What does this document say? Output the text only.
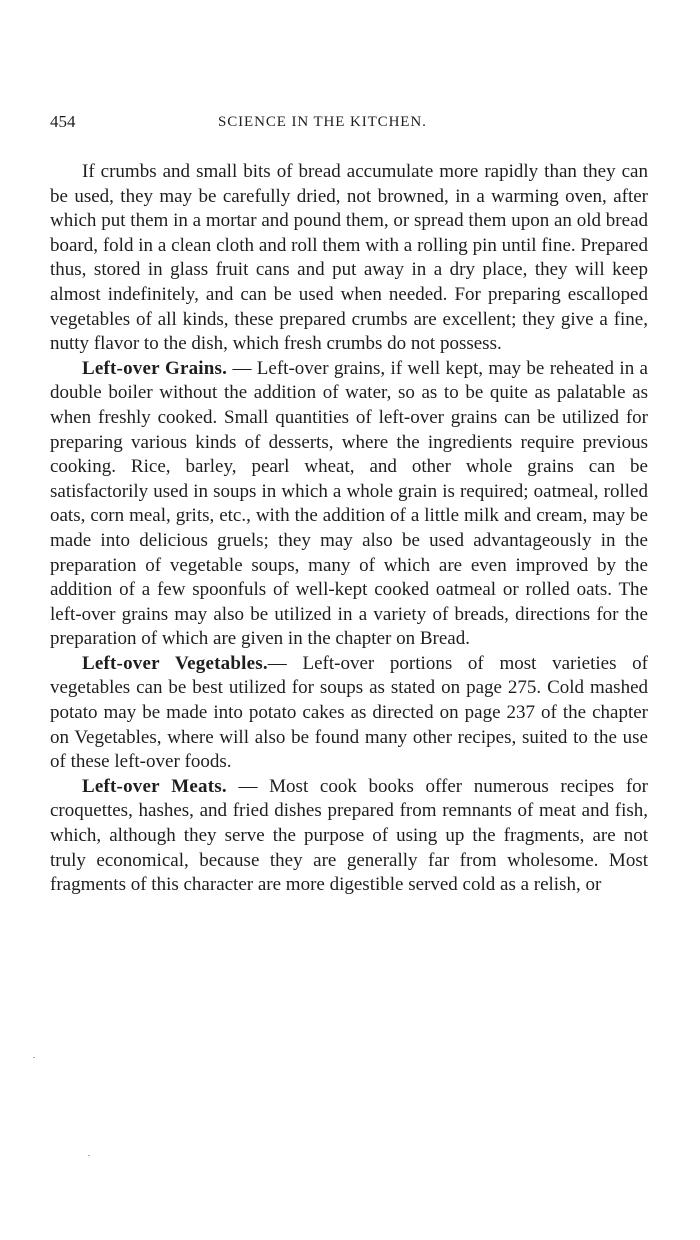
454	SCIENCE IN THE KITCHEN.

If crumbs and small bits of bread accumulate more rapidly than they can be used, they may be carefully dried, not browned, in a warming oven, after which put them in a mortar and pound them, or spread them upon an old bread board, fold in a clean cloth and roll them with a rolling pin until fine. Prepared thus, stored in glass fruit cans and put away in a dry place, they will keep almost indefinitely, and can be used when needed. For preparing escalloped vegetables of all kinds, these prepared crumbs are excellent; they give a fine, nutty flavor to the dish, which fresh crumbs do not possess.

Left-over Grains. — Left-over grains, if well kept, may be reheated in a double boiler without the addition of water, so as to be quite as palatable as when freshly cooked. Small quantities of left-over grains can be utilized for preparing various kinds of desserts, where the ingredients require previous cooking. Rice, barley, pearl wheat, and other whole grains can be satisfactorily used in soups in which a whole grain is required; oatmeal, rolled oats, corn meal, grits, etc., with the addition of a little milk and cream, may be made into delicious gruels; they may also be used advantageously in the preparation of vegetable soups, many of which are even improved by the addition of a few spoonfuls of well-kept cooked oatmeal or rolled oats. The left-over grains may also be utilized in a variety of breads, directions for the preparation of which are given in the chapter on Bread.

Left-over Vegetables.— Left-over portions of most varieties of vegetables can be best utilized for soups as stated on page 275. Cold mashed potato may be made into potato cakes as directed on page 237 of the chapter on Vegetables, where will also be found many other recipes, suited to the use of these left-over foods.

Left-over Meats. — Most cook books offer numerous recipes for croquettes, hashes, and fried dishes prepared from remnants of meat and fish, which, although they serve the purpose of using up the fragments, are not truly economical, because they are generally far from wholesome. Most fragments of this character are more digestible served cold as a relish, or
